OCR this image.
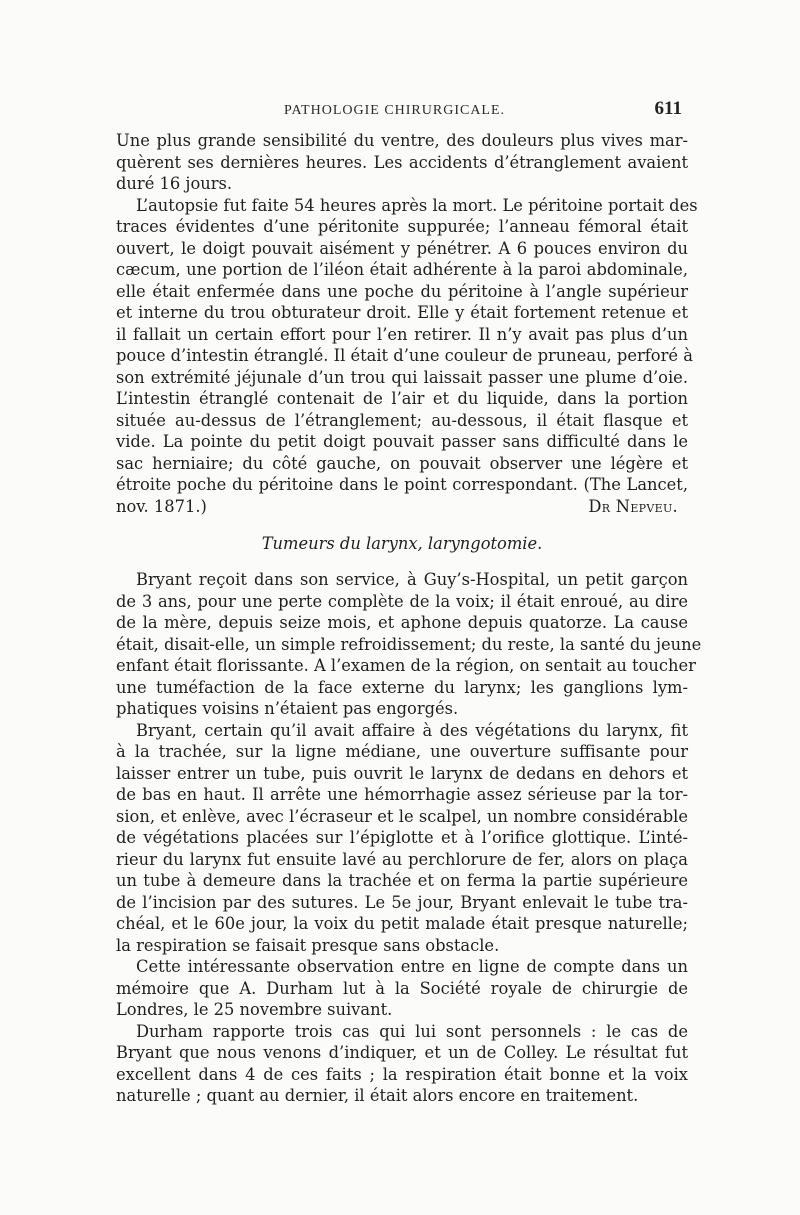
PATHOLOGIE CHIRURGICALE.	611
Une plus grande sensibilité du ventre, des douleurs plus vives mar-
quèrent ses dernières heures. Les accidents d’étranglement avaient
duré 16 jours.
L’autopsie fut faite 54 heures après la mort. Le péritoine portait des
traces évidentes d’une péritonite suppurée; l’anneau fémoral était
ouvert, le doigt pouvait aisément y pénétrer. A 6 pouces environ du
cæcum, une portion de l’iléon était adhérente à la paroi abdominale,
elle était enfermée dans une poche du péritoine à l’angle supérieur
et interne du trou obturateur droit. Elle y était fortement retenue et
il fallait un certain effort pour l’en retirer. Il n’y avait pas plus d’un
pouce d’intestin étranglé. Il était d’une couleur de pruneau, perforé à
son extrémité jéjunale d’un trou qui laissait passer une plume d’oie.
L’intestin étranglé contenait de l’air et du liquide, dans la portion
située au-dessus de l’étranglement; au-dessous, il était flasque et
vide. La pointe du petit doigt pouvait passer sans difficulté dans le
sac herniaire; du côté gauche, on pouvait observer une légère et
étroite poche du péritoine dans le point correspondant. (The Lancet,
nov. 1871.)	Dr Nepveu.
Tumeurs du larynx, laryngotomie.
Bryant reçoit dans son service, à Guy’s-Hospital, un petit garçon
de 3 ans, pour une perte complète de la voix; il était enroué, au dire
de la mère, depuis seize mois, et aphone depuis quatorze. La cause
était, disait-elle, un simple refroidissement; du reste, la santé du jeune
enfant était florissante. A l’examen de la région, on sentait au toucher
une tuméfaction de la face externe du larynx; les ganglions lym-
phatiques voisins n’étaient pas engorgés.
Bryant, certain qu’il avait affaire à des végétations du larynx, fit
à la trachée, sur la ligne médiane, une ouverture suffisante pour
laisser entrer un tube, puis ouvrit le larynx de dedans en dehors et
de bas en haut. Il arrête une hémorrhagie assez sérieuse par la tor-
sion, et enlève, avec l’écraseur et le scalpel, un nombre considérable
de végétations placées sur l’épiglotte et à l’orifice glottique. L’inté-
rieur du larynx fut ensuite lavé au perchlorure de fer, alors on plaça
un tube à demeure dans la trachée et on ferma la partie supérieure
de l’incision par des sutures. Le 5e jour, Bryant enlevait le tube tra-
chéal, et le 60e jour, la voix du petit malade était presque naturelle;
la respiration se faisait presque sans obstacle.
Cette intéressante observation entre en ligne de compte dans un
mémoire que A. Durham lut à la Société royale de chirurgie de
Londres, le 25 novembre suivant.
Durham rapporte trois cas qui lui sont personnels : le cas de
Bryant que nous venons d’indiquer, et un de Colley. Le résultat fut
excellent dans 4 de ces faits ; la respiration était bonne et la voix
naturelle ; quant au dernier, il était alors encore en traitement.
